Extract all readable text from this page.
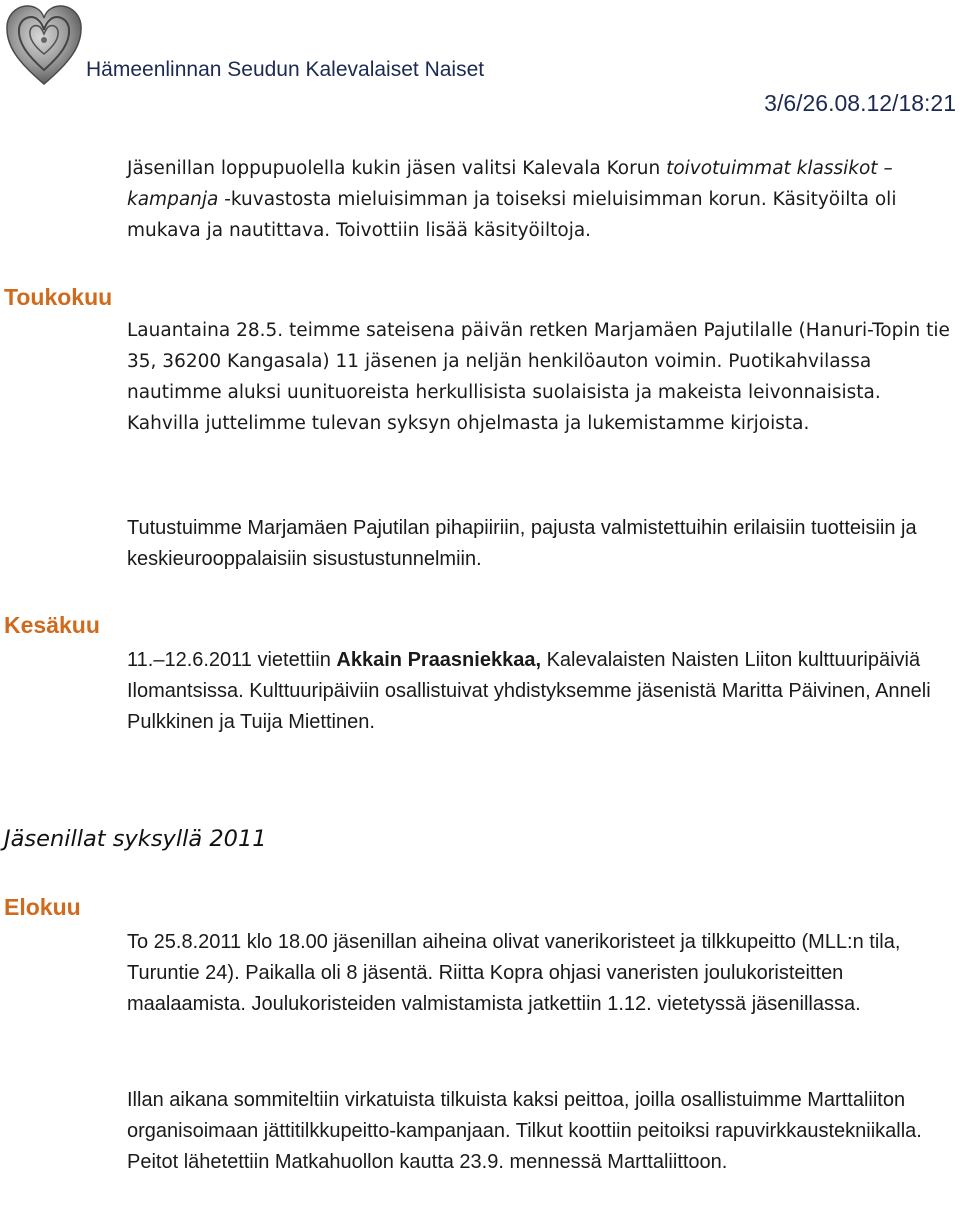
Hämeenlinnan Seudun Kalevalaiset Naiset
3/6/26.08.12/18:21
Jäsenillan loppupuolella kukin jäsen valitsi Kalevala Korun toivotuimmat klassikot –kampanja -kuvastosta mieluisimman ja toiseksi mieluisimman korun. Käsityöilta oli mukava ja nautittava. Toivottiin lisää käsityöiltoja.
Toukokuu
Lauantaina 28.5. teimme sateisena päivän retken Marjamäen Pajutilalle (Hanuri-Topin tie 35, 36200 Kangasala) 11 jäsenen ja neljän henkilöauton voimin. Puotikahvilassa nautimme aluksi uunituoreista herkullisista suolaisista ja makeista leivonnaisista. Kahvilla juttelimme tulevan syksyn ohjelmasta ja lukemistamme kirjoista.
Tutustuimme Marjamäen Pajutilan pihapiiriin, pajusta valmistettuihin erilaisiin tuotteisiin ja keskieurooppalaisiin sisustustunnelmiin.
Kesäkuu
11.–12.6.2011 vietettiin Akkain Praasniekkaa, Kalevalaisten Naisten Liiton kulttuuripäiviä Ilomantsissa. Kulttuuripäiviin osallistuivat yhdistyksemme jäsenistä Maritta Päivinen, Anneli Pulkkinen ja Tuija Miettinen.
Jäsenillat syksyllä 2011
Elokuu
To 25.8.2011 klo 18.00 jäsenillan aiheina olivat vanerikoristeet ja tilkkupeitto (MLL:n tila, Turuntie 24). Paikalla oli 8 jäsentä. Riitta Kopra ohjasi vaneristen joulukoristeitten maalaamista. Joulukoristeiden valmistamista jatkettiin 1.12. vietetyssä jäsenillassa.
Illan aikana sommiteltiin virkatuista tilkuista kaksi peittoa, joilla osallistuimme Marttaliiton organisoimaan jättitilkkupeitto-kampanjaan. Tilkut koottiin peitoiksi rapuvirkkaustekniikalla. Peitot lähetettiin Matkahuollon kautta 23.9. mennessä Marttaliittoon.
